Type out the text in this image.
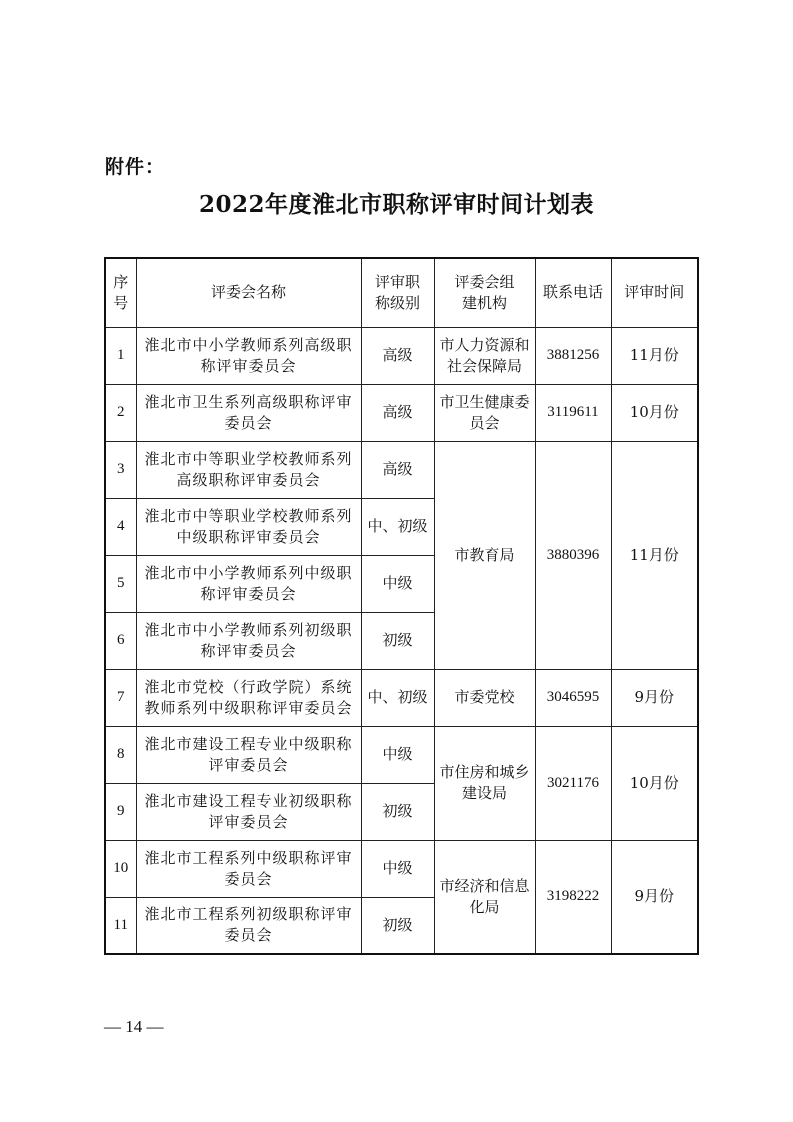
附件：
2022年度淮北市职称评审时间计划表
序号	评委会名称	评审职称级别	评委会组建机构	联系电话	评审时间
1	淮北市中小学教师系列高级职称评审委员会	高级	市人力资源和社会保障局	3881256	11月份
2	淮北市卫生系列高级职称评审委员会	高级	市卫生健康委员会	3119611	10月份
3	淮北市中等职业学校教师系列高级职称评审委员会	高级	市教育局	3880396	11月份
4	淮北市中等职业学校教师系列中级职称评审委员会	中、初级			
5	淮北市中小学教师系列中级职称评审委员会	中级			
6	淮北市中小学教师系列初级职称评审委员会	初级			
7	淮北市党校（行政学院）系统教师系列中级职称评审委员会	中、初级	市委党校	3046595	9月份
8	淮北市建设工程专业中级职称评审委员会	中级	市住房和城乡建设局	3021176	10月份
9	淮北市建设工程专业初级职称评审委员会	初级			
10	淮北市工程系列中级职称评审委员会	中级	市经济和信息化局	3198222	9月份
11	淮北市工程系列初级职称评审委员会	初级			
— 14 —
